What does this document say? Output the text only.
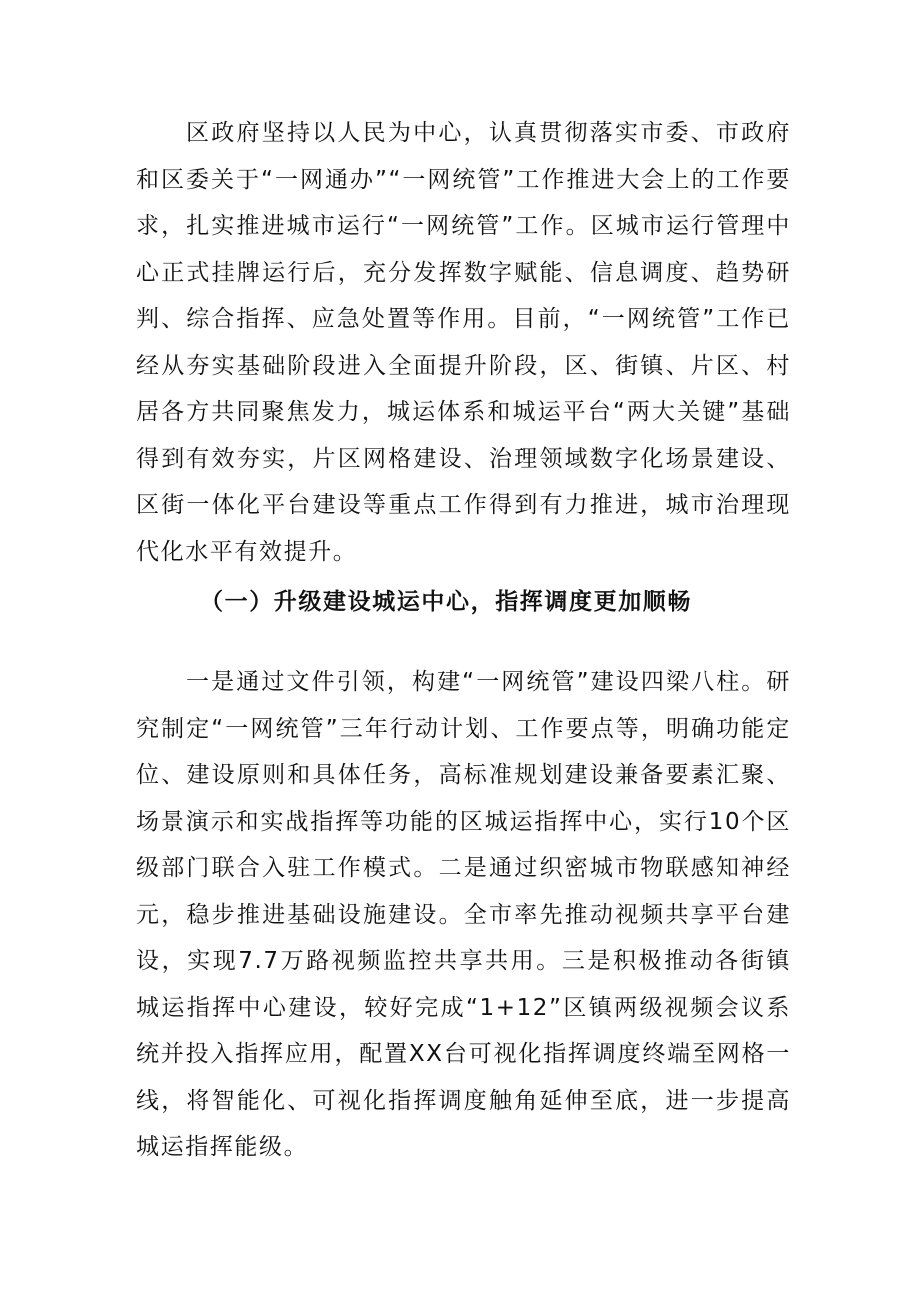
区政府坚持以人民为中心，认真贯彻落实市委、市政府和区委关于“一网通办”“一网统管”工作推进大会上的工作要求，扎实推进城市运行“一网统管”工作。区城市运行管理中心正式挂牌运行后，充分发挥数字赋能、信息调度、趋势研判、综合指挥、应急处置等作用。目前，“一网统管”工作已经从夯实基础阶段进入全面提升阶段，区、街镇、片区、村居各方共同聚焦发力，城运体系和城运平台“两大关键”基础得到有效夯实，片区网格建设、治理领域数字化场景建设、区街一体化平台建设等重点工作得到有力推进，城市治理现代化水平有效提升。

（一）升级建设城运中心，指挥调度更加顺畅

一是通过文件引领，构建“一网统管”建设四梁八柱。研究制定“一网统管”三年行动计划、工作要点等，明确功能定位、建设原则和具体任务，高标准规划建设兼备要素汇聚、场景演示和实战指挥等功能的区城运指挥中心，实行10个区级部门联合入驻工作模式。二是通过织密城市物联感知神经元，稳步推进基础设施建设。全市率先推动视频共享平台建设，实现7.7万路视频监控共享共用。三是积极推动各街镇城运指挥中心建设，较好完成“1+12”区镇两级视频会议系统并投入指挥应用，配置XX台可视化指挥调度终端至网格一线，将智能化、可视化指挥调度触角延伸至底，进一步提高城运指挥能级。
